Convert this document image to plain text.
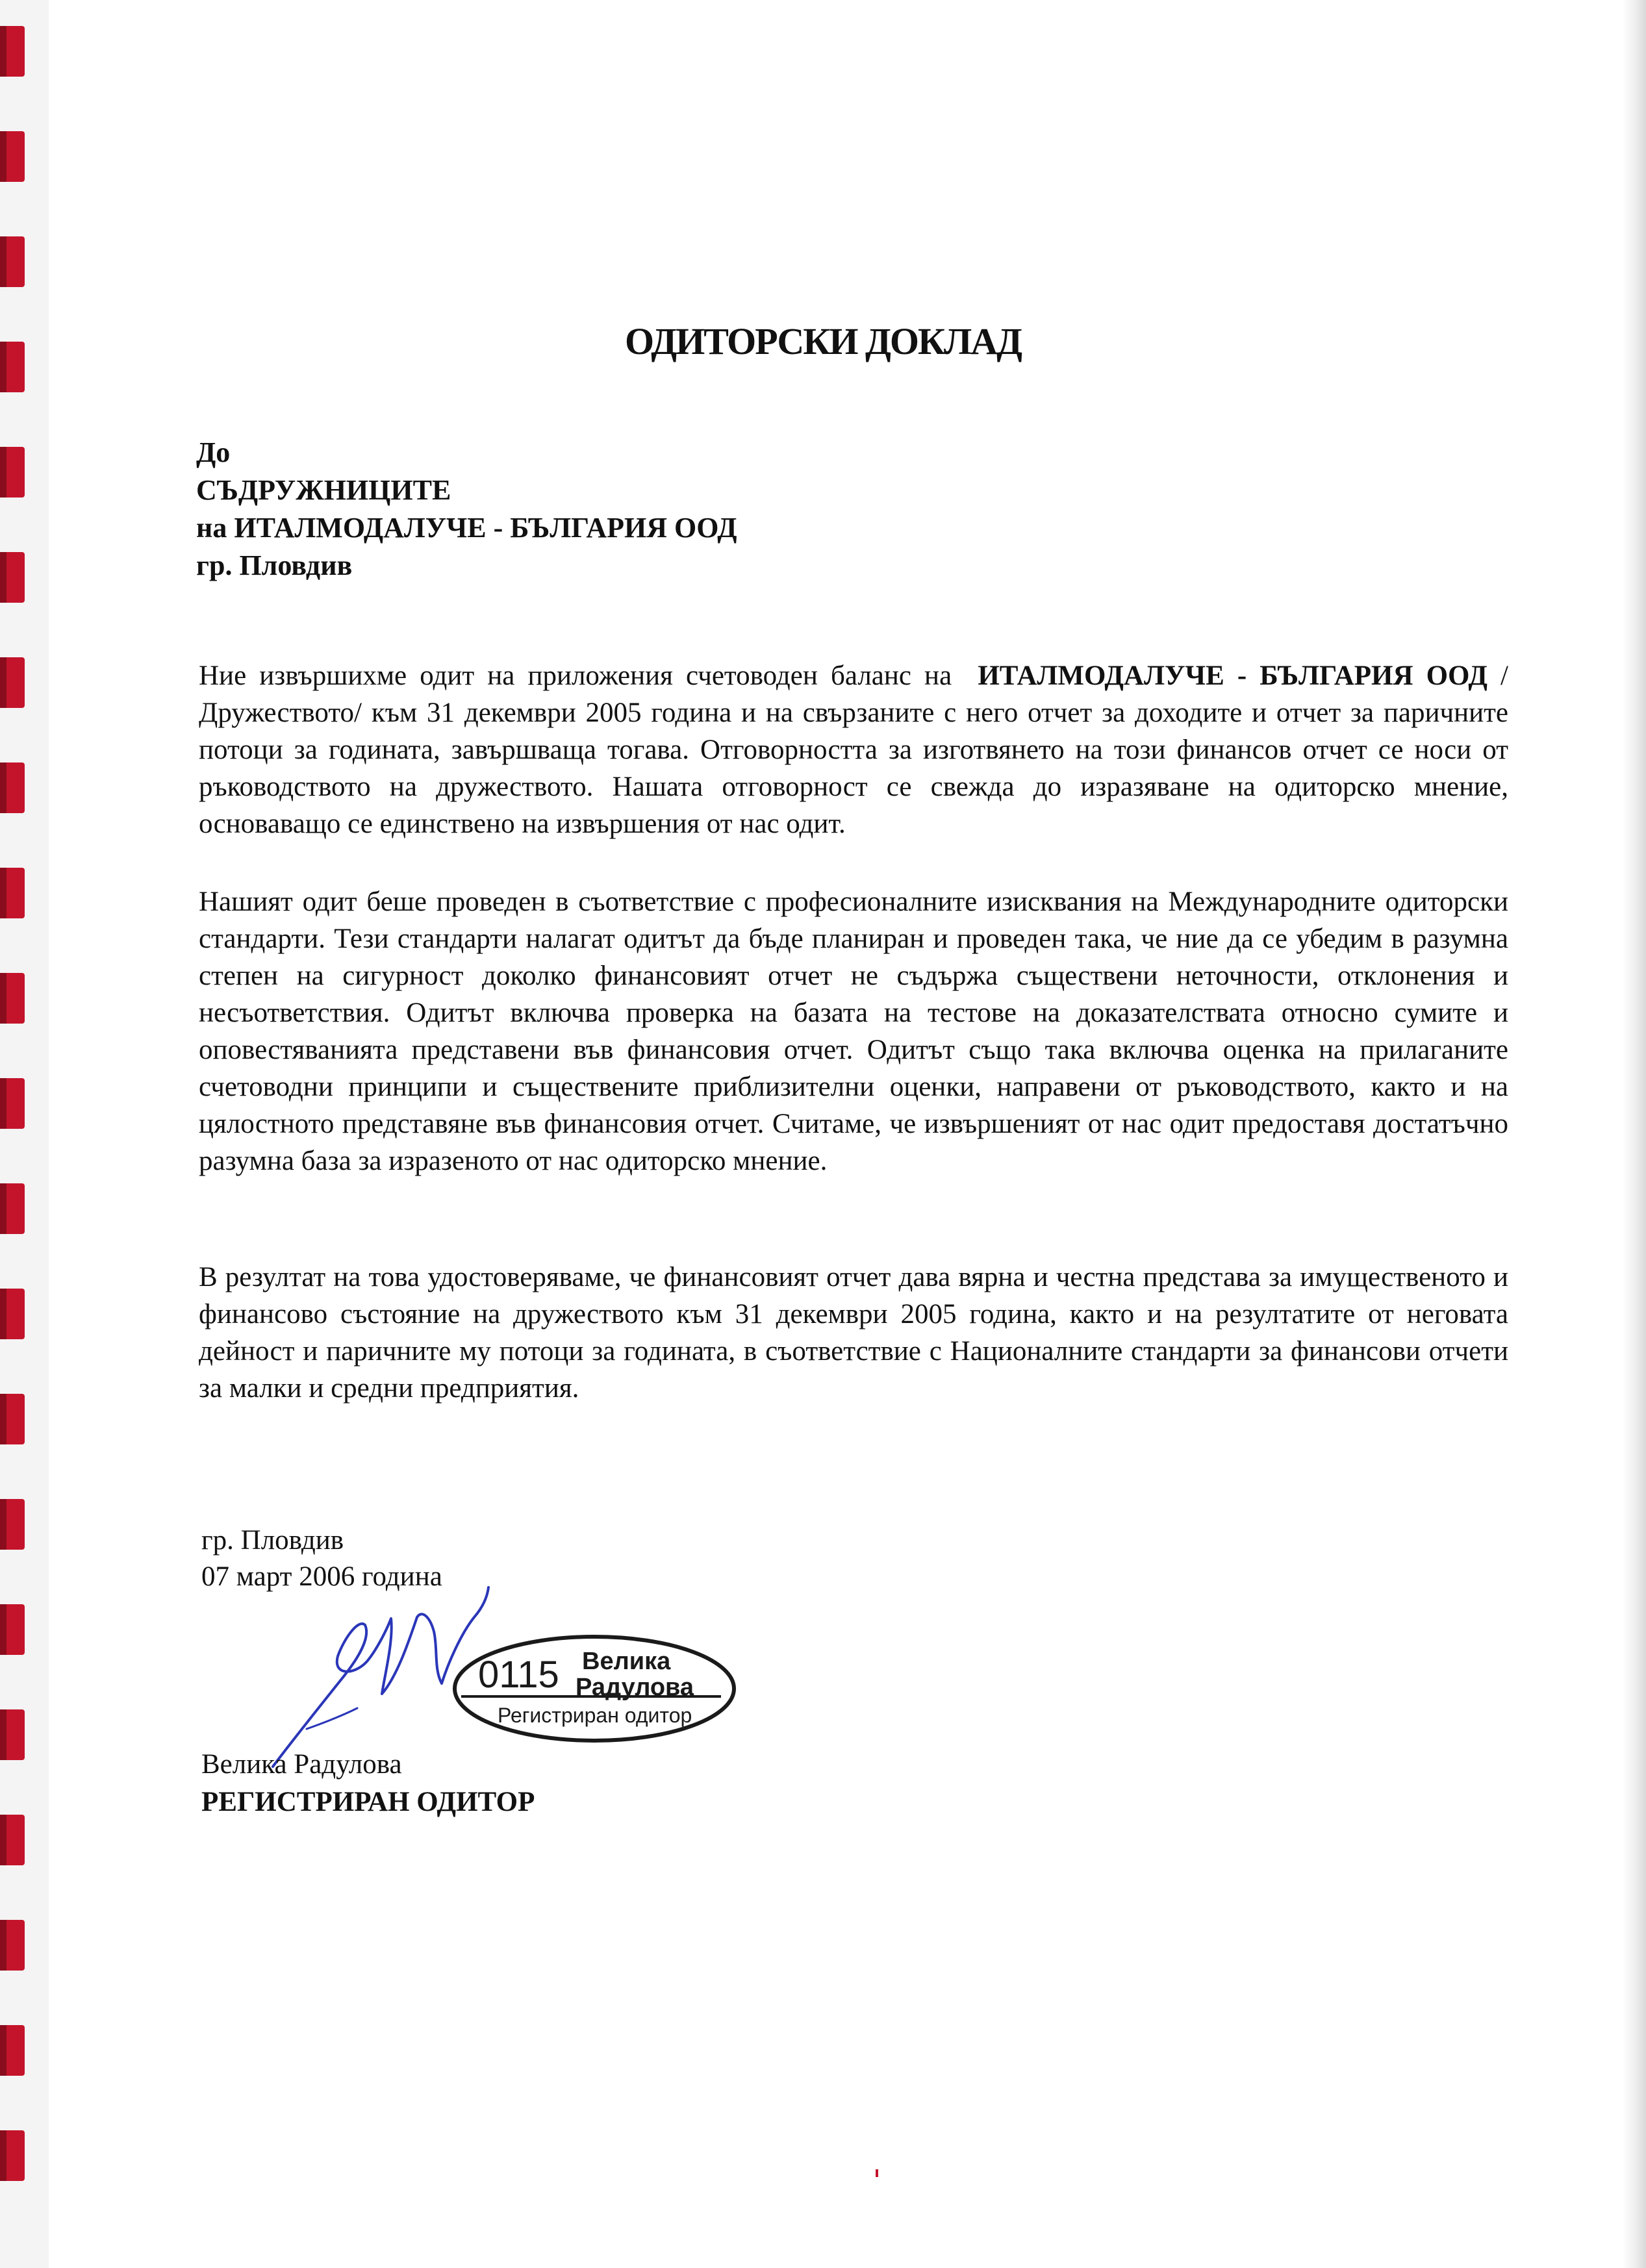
ОДИТОРСКИ ДОКЛАД
До
СЪДРУЖНИЦИТЕ
на ИТАЛМОДАЛУЧЕ - БЪЛГАРИЯ ООД
гр. Пловдив
Ние извършихме одит на приложения счетоводен баланс на ИТАЛМОДАЛУЧЕ - БЪЛГАРИЯ ООД /Дружеството/ към 31 декември 2005 година и на свързаните с него отчет за доходите и отчет за паричните потоци за годината, завършваща тогава. Отговорността за изготвянето на този финансов отчет се носи от ръководството на дружеството. Нашата отговорност се свежда до изразяване на одиторско мнение, основаващо се единствено на извършения от нас одит.
Нашият одит беше проведен в съответствие с професионалните изисквания на Международните одиторски стандарти. Тези стандарти налагат одитът да бъде планиран и проведен така, че ние да се убедим в разумна степен на сигурност доколко финансовият отчет не съдържа съществени неточности, отклонения и несъответствия. Одитът включва проверка на базата на тестове на доказателствата относно сумите и оповестяванията представени във финансовия отчет. Одитът също така включва оценка на прилаганите счетоводни принципи и съществените приблизителни оценки, направени от ръководството, както и на цялостното представяне във финансовия отчет. Считаме, че извършеният от нас одит предоставя достатъчно разумна база за изразеното от нас одиторско мнение.
В резултат на това удостоверяваме, че финансовият отчет дава вярна и честна представа за имущественото и финансово състояние на дружеството към 31 декември 2005 година, както и на резултатите от неговата дейност и паричните му потоци за годината, в съответствие с Националните стандарти за финансови отчети за малки и средни предприятия.
гр. Пловдив
07 март 2006 година
0115 Велика
Радулова
Регистриран одитор
Велика Радулова
РЕГИСТРИРАН ОДИТОР
